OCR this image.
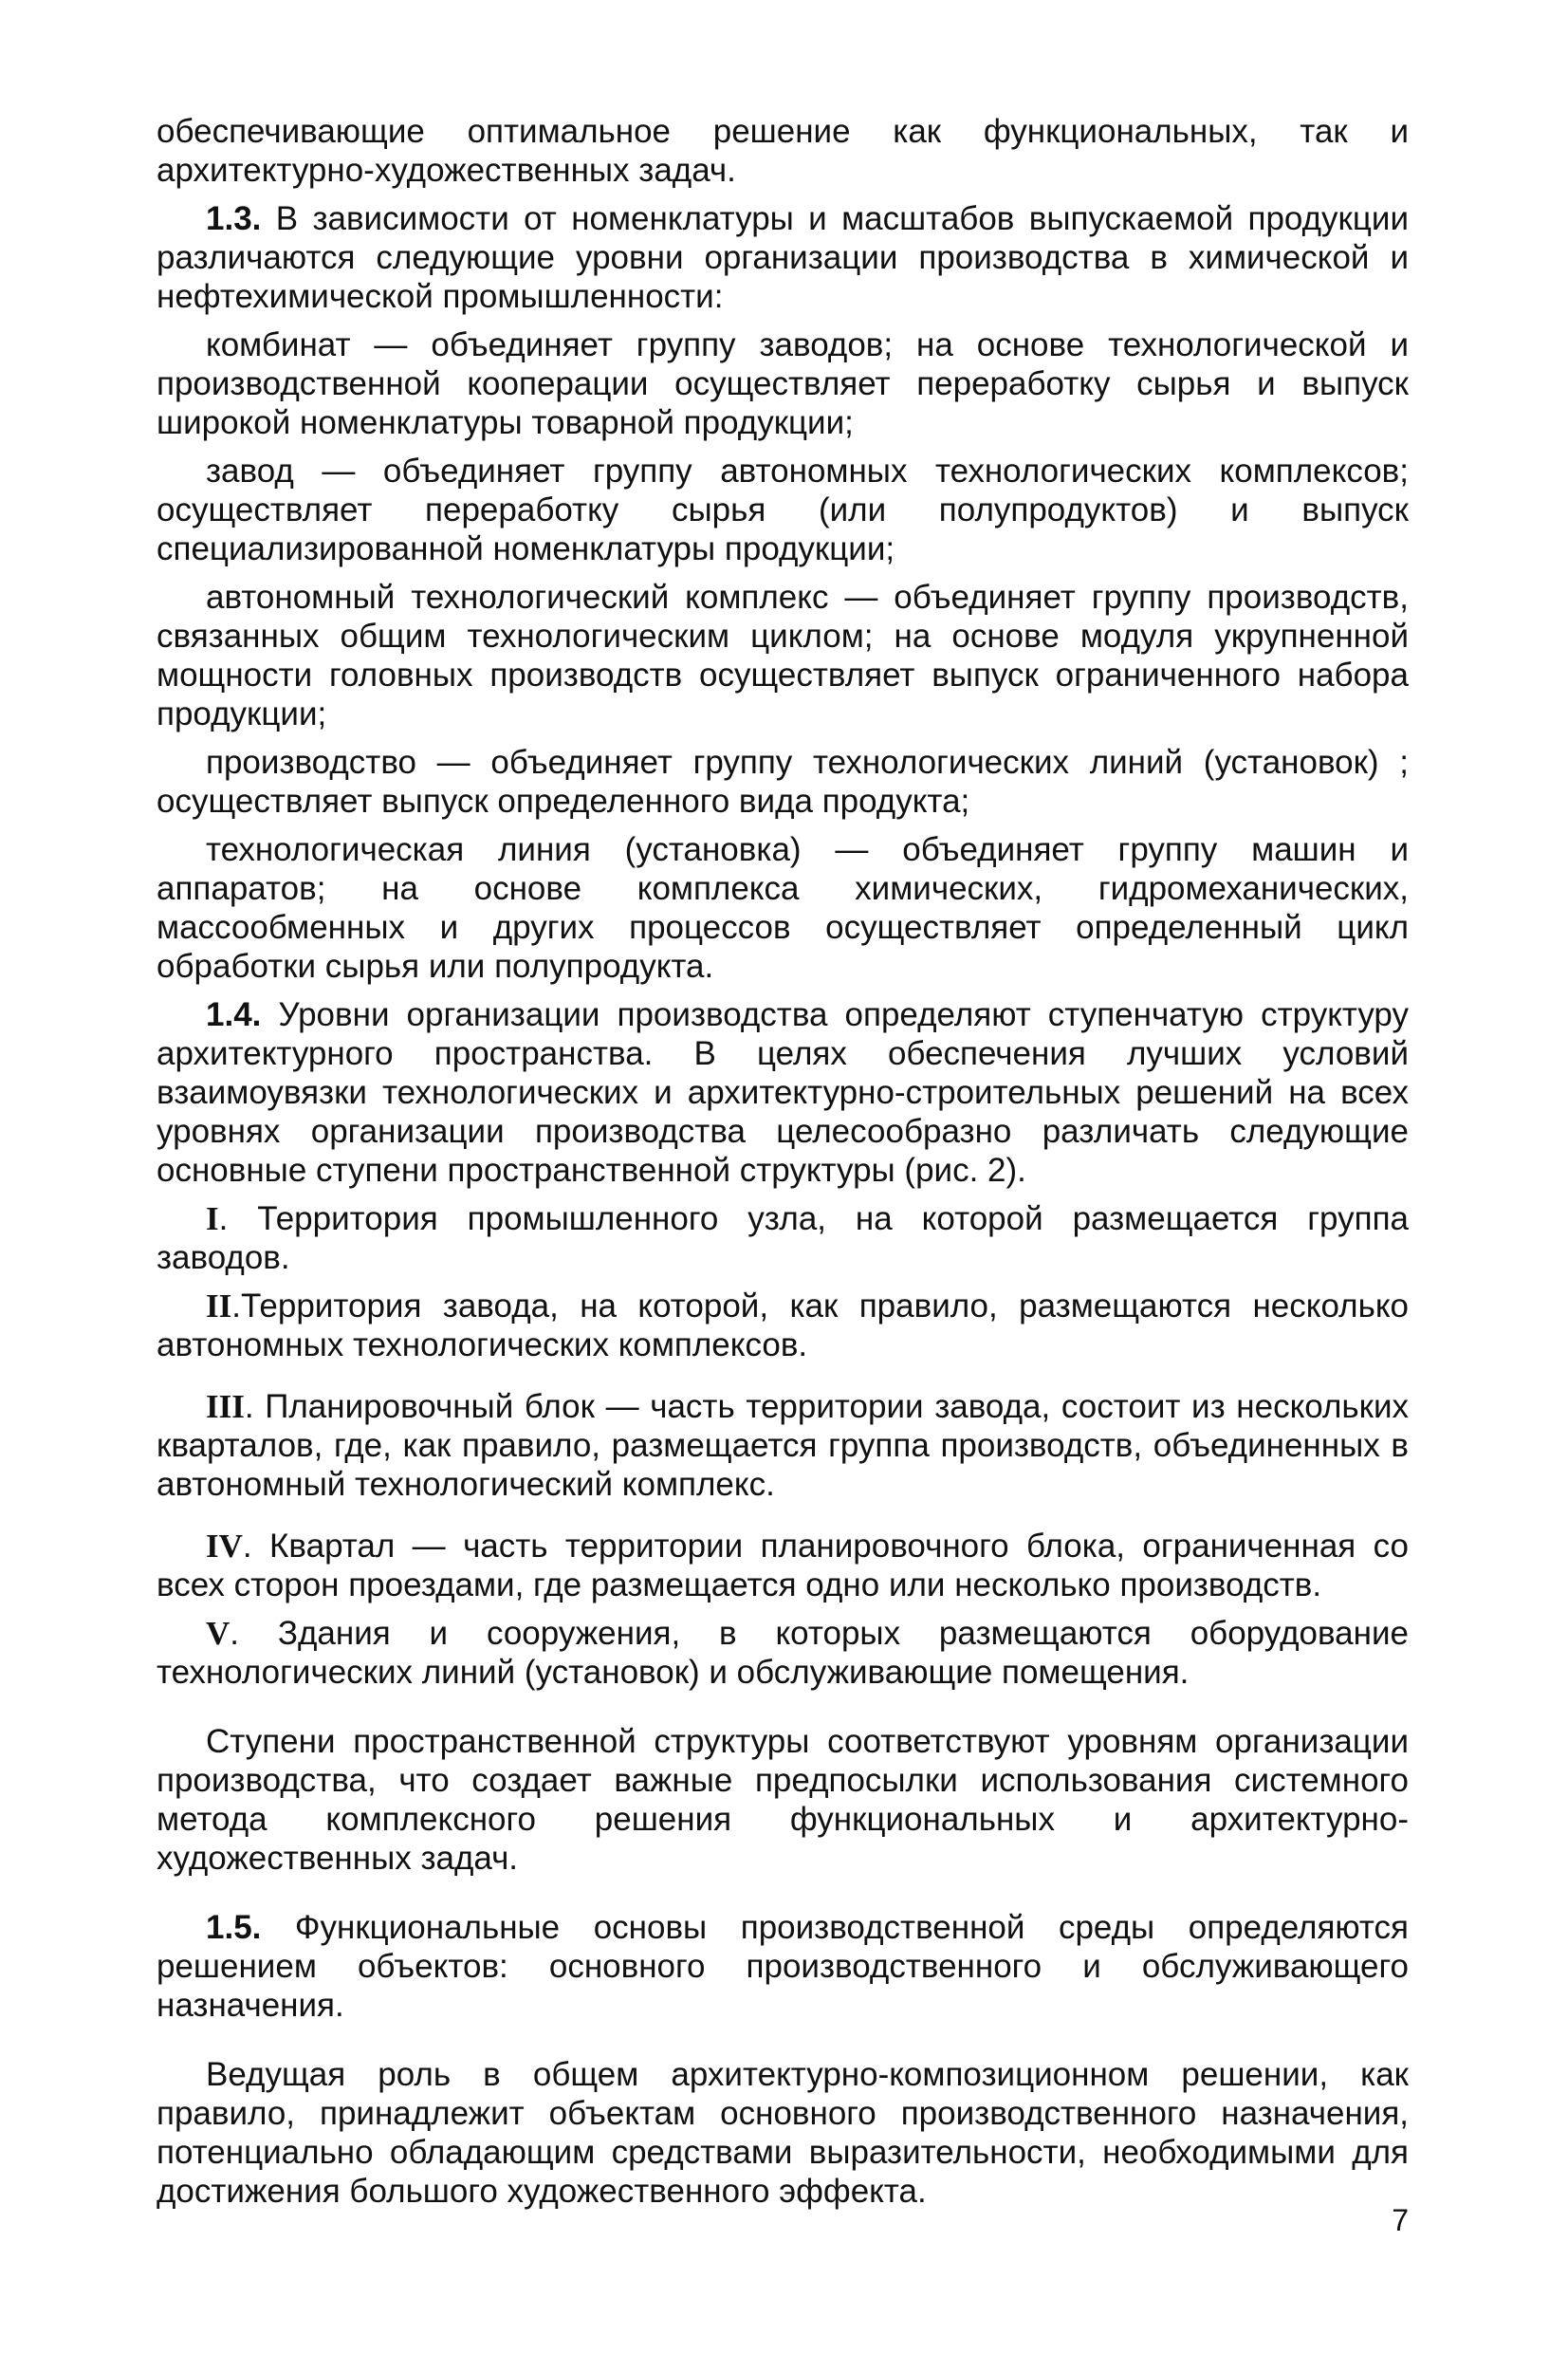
обеспечивающие оптимальное решение как функциональных, так и архитектурно-художественных задач.

1.3. В зависимости от номенклатуры и масштабов выпускаемой продукции различаются следующие уровни организации производства в химической и нефтехимической промышленности:

комбинат — объединяет группу заводов; на основе технологической и производственной кооперации осуществляет переработку сырья и выпуск широкой номенклатуры товарной продукции;

завод — объединяет группу автономных технологических комплексов; осуществляет переработку сырья (или полупродуктов) и выпуск специализированной номенклатуры продукции;

автономный технологический комплекс — объединяет группу производств, связанных общим технологическим циклом; на основе модуля укрупненной мощности головных производств осуществляет выпуск ограниченного набора продукции;

производство — объединяет группу технологических линий (установок) ; осуществляет выпуск определенного вида продукта;

технологическая линия (установка) — объединяет группу машин и аппаратов; на основе комплекса химических, гидромеханических, массообменных и других процессов осуществляет определенный цикл обработки сырья или полупродукта.

1.4. Уровни организации производства определяют ступенчатую структуру архитектурного пространства. В целях обеспечения лучших условий взаимоувязки технологических и архитектурно-строительных решений на всех уровнях организации производства целесообразно различать следующие основные ступени пространственной структуры (рис. 2).

I. Территория промышленного узла, на которой размещается группа заводов.

II.Территория завода, на которой, как правило, размещаются несколько автономных технологических комплексов.

III. Планировочный блок — часть территории завода, состоит из нескольких кварталов, где, как правило, размещается группа производств, объединенных в автономный технологический комплекс.

IV. Квартал — часть территории планировочного блока, ограниченная со всех сторон проездами, где размещается одно или несколько производств.

V. Здания и сооружения, в которых размещаются оборудование технологических линий (установок) и обслуживающие помещения.

Ступени пространственной структуры соответствуют уровням организации производства, что создает важные предпосылки использования системного метода комплексного решения функциональных и архитектурно-художественных задач.

1.5. Функциональные основы производственной среды определяются решением объектов: основного производственного и обслуживающего назначения.

Ведущая роль в общем архитектурно-композиционном решении, как правило, принадлежит объектам основного производственного назначения, потенциально обладающим средствами выразительности, необходимыми для достижения большого художественного эффекта.

7
